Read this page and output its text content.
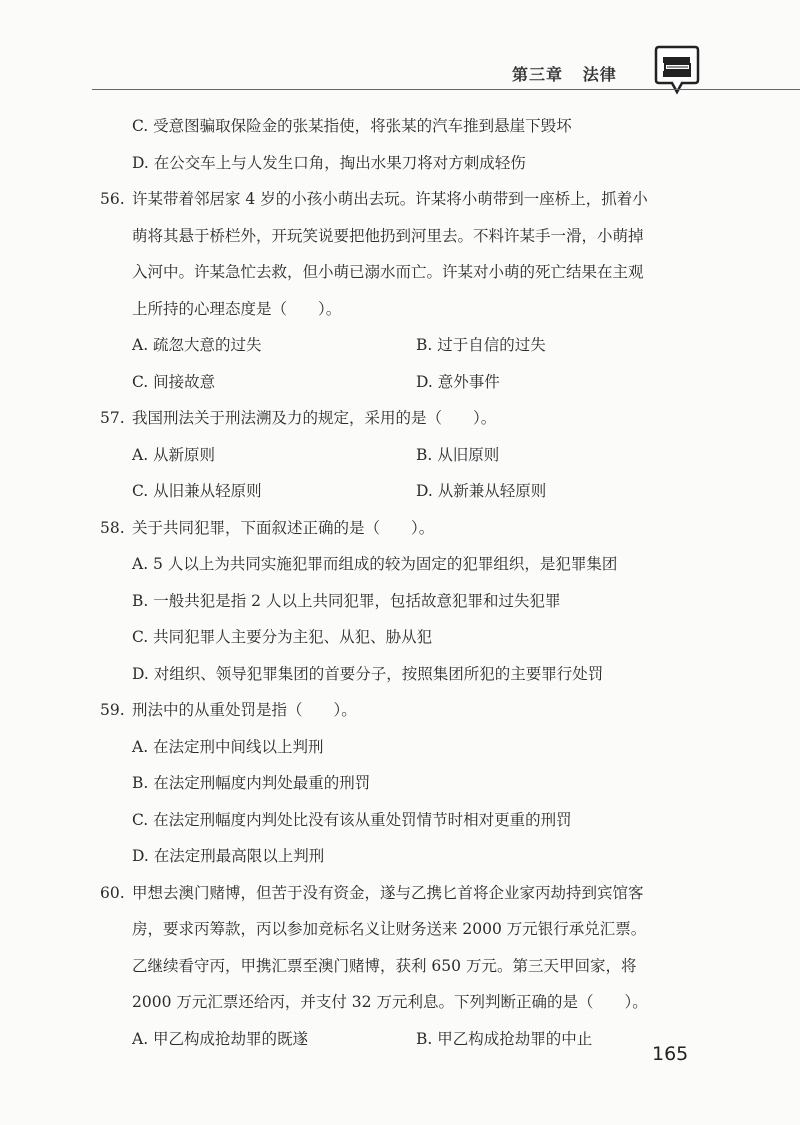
第三章 法律
C. 受意图骗取保险金的张某指使，将张某的汽车推到悬崖下毁坏
D. 在公交车上与人发生口角，掏出水果刀将对方刺成轻伤
56. 许某带着邻居家 4 岁的小孩小萌出去玩。许某将小萌带到一座桥上，抓着小
萌将其悬于桥栏外，开玩笑说要把他扔到河里去。不料许某手一滑，小萌掉
入河中。许某急忙去救，但小萌已溺水而亡。许某对小萌的死亡结果在主观
上所持的心理态度是（　　）。
A. 疏忽大意的过失	B. 过于自信的过失
C. 间接故意	D. 意外事件
57. 我国刑法关于刑法溯及力的规定，采用的是（　　）。
A. 从新原则	B. 从旧原则
C. 从旧兼从轻原则	D. 从新兼从轻原则
58. 关于共同犯罪，下面叙述正确的是（　　）。
A. 5 人以上为共同实施犯罪而组成的较为固定的犯罪组织，是犯罪集团
B. 一般共犯是指 2 人以上共同犯罪，包括故意犯罪和过失犯罪
C. 共同犯罪人主要分为主犯、从犯、胁从犯
D. 对组织、领导犯罪集团的首要分子，按照集团所犯的主要罪行处罚
59. 刑法中的从重处罚是指（　　）。
A. 在法定刑中间线以上判刑
B. 在法定刑幅度内判处最重的刑罚
C. 在法定刑幅度内判处比没有该从重处罚情节时相对更重的刑罚
D. 在法定刑最高限以上判刑
60. 甲想去澳门赌博，但苦于没有资金，遂与乙携匕首将企业家丙劫持到宾馆客
房，要求丙筹款，丙以参加竞标名义让财务送来 2000 万元银行承兑汇票。
乙继续看守丙，甲携汇票至澳门赌博，获利 650 万元。第三天甲回家，将
2000 万元汇票还给丙，并支付 32 万元利息。下列判断正确的是（　　）。
A. 甲乙构成抢劫罪的既遂	B. 甲乙构成抢劫罪的中止
165
